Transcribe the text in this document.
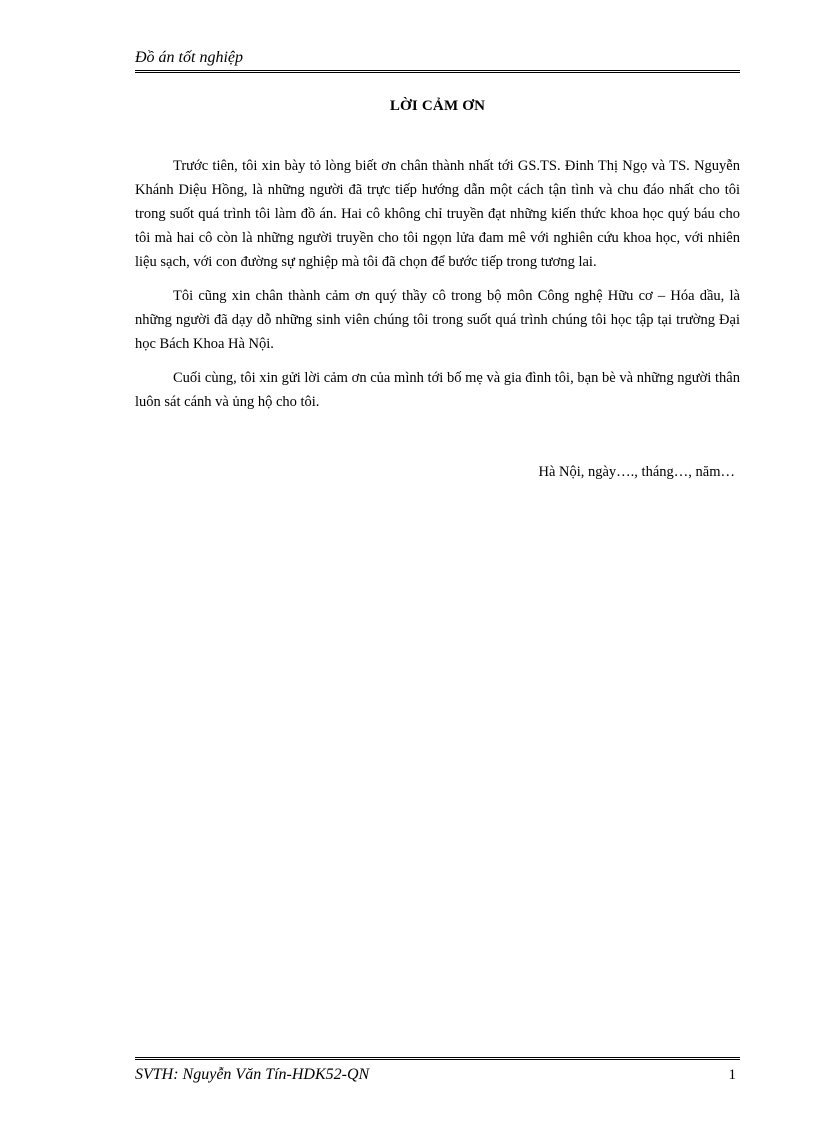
Đồ án tốt nghiệp
LỜI CẢM ƠN

Trước tiên, tôi xin bày tỏ lòng biết ơn chân thành nhất tới GS.TS. Đinh Thị Ngọ và TS. Nguyễn Khánh Diệu Hồng, là những người đã trực tiếp hướng dẫn một cách tận tình và chu đáo nhất cho tôi trong suốt quá trình tôi làm đồ án. Hai cô không chỉ truyền đạt những kiến thức khoa học quý báu cho tôi mà hai cô còn là những người truyền cho tôi ngọn lửa đam mê với nghiên cứu khoa học, với nhiên liệu sạch, với con đường sự nghiệp mà tôi đã chọn để bước tiếp trong tương lai.

Tôi cũng xin chân thành cảm ơn quý thầy cô trong bộ môn Công nghệ Hữu cơ – Hóa dầu, là những người đã dạy dỗ những sinh viên chúng tôi trong suốt quá trình chúng tôi học tập tại trường Đại học Bách Khoa Hà Nội.

Cuối cùng, tôi xin gửi lời cảm ơn của mình tới bố mẹ và gia đình tôi, bạn bè và những người thân luôn sát cánh và ủng hộ cho tôi.

Hà Nội, ngày…., tháng…, năm…
SVTH: Nguyễn Văn Tín-HDK52-QN	1
